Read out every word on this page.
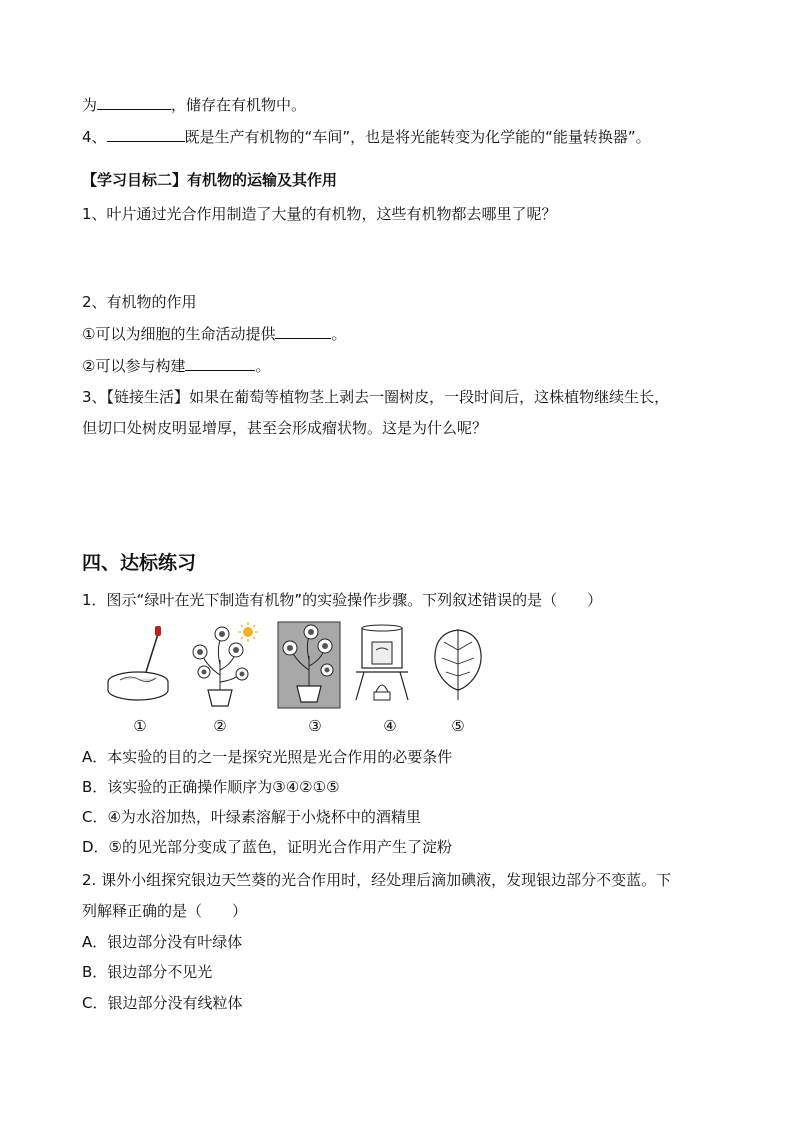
为	，储存在有机物中。
4、	既是生产有机物的“车间”，也是将光能转变为化学能的“能量转换器”。
【学习目标二】有机物的运输及其作用
1、叶片通过光合作用制造了大量的有机物，这些有机物都去哪里了呢？
2、有机物的作用
①可以为细胞的生命活动提供	。
②可以参与构建	。
3、【链接生活】如果在葡萄等植物茎上剥去一圈树皮，一段时间后，这株植物继续生长，
但切口处树皮明显增厚，甚至会形成瘤状物。这是为什么呢？
四、达标练习
1．图示“绿叶在光下制造有机物”的实验操作步骤。下列叙述错误的是（　　）
①	②	③	④	⑤
A．本实验的目的之一是探究光照是光合作用的必要条件
B．该实验的正确操作顺序为③④②①⑤
C．④为水浴加热，叶绿素溶解于小烧杯中的酒精里
D．⑤的见光部分变成了蓝色，证明光合作用产生了淀粉
2. 课外小组探究银边天竺葵的光合作用时，经处理后滴加碘液，发现银边部分不变蓝。下
列解释正确的是（　　）
A．银边部分没有叶绿体
B．银边部分不见光
C．银边部分没有线粒体
